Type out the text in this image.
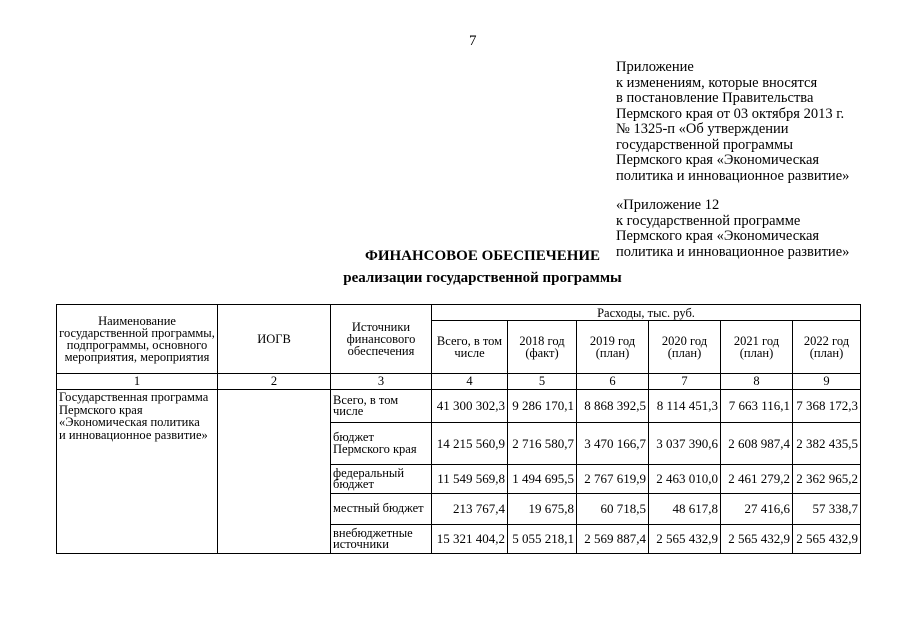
7
Приложение
к изменениям, которые вносятся
в постановление Правительства
Пермского края от 03 октября 2013 г.
№ 1325-п «Об утверждении
государственной программы
Пермского края «Экономическая
политика и инновационное развитие»
«Приложение 12
к государственной программе
Пермского края «Экономическая
политика и инновационное развитие»
ФИНАНСОВОЕ ОБЕСПЕЧЕНИЕ
реализации государственной программы
Наименование государственной программы, подпрограммы, основного мероприятия, мероприятия	ИОГВ	Источники финансового обеспечения	Расходы, тыс. руб.					
			Всего, в том числе	2018 год (факт)	2019 год (план)	2020 год (план)	2021 год (план)	2022 год (план)
1	2	3	4	5	6	7	8	9

Государственная программа
Пермского края
«Экономическая политика
и инновационное развитие»		Всего, в том числе	41 300 302,3	9 286 170,1	8 868 392,5	8 114 451,3	7 663 116,1	7 368 172,3
		бюджет Пермского края	14 215 560,9	2 716 580,7	3 470 166,7	3 037 390,6	2 608 987,4	2 382 435,5
		федеральный бюджет	11 549 569,8	1 494 695,5	2 767 619,9	2 463 010,0	2 461 279,2	2 362 965,2
		местный бюджет	213 767,4	19 675,8	60 718,5	48 617,8	27 416,6	57 338,7
		внебюджетные источники	15 321 404,2	5 055 218,1	2 569 887,4	2 565 432,9	2 565 432,9	2 565 432,9
